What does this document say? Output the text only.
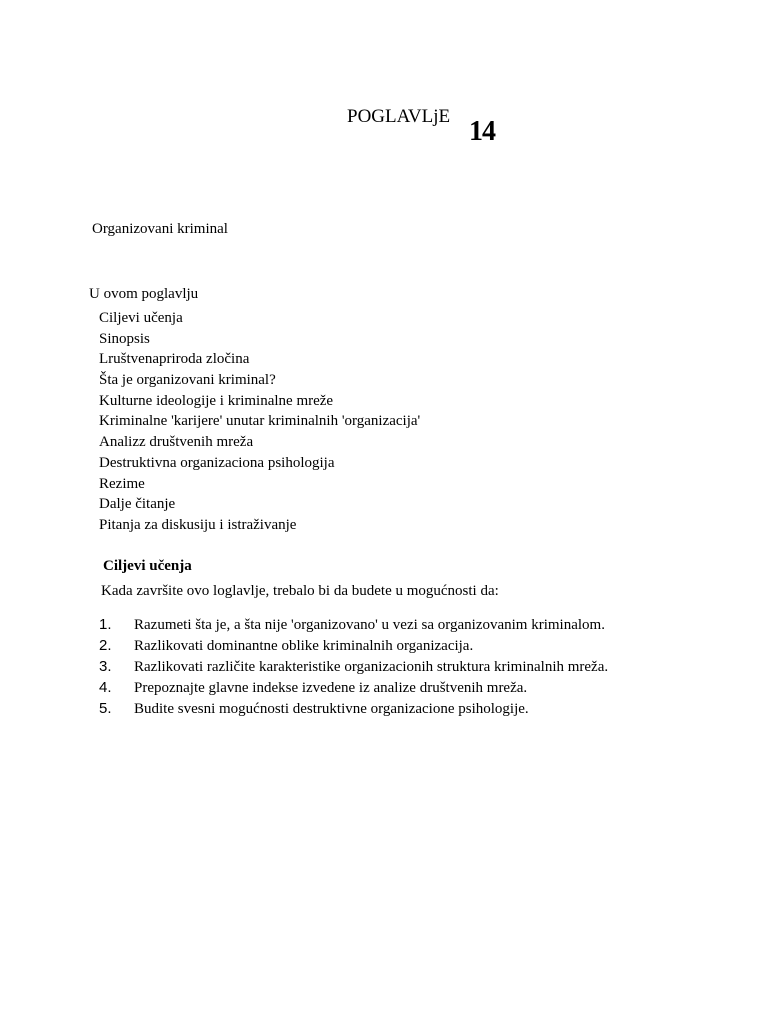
POGLAVLjE 14
Organizovani kriminal
U ovom poglavlju
Ciljevi učenja
Sinopsis
Lruštvenapriroda zločina
Šta je organizovani kriminal?
Kulturne ideologije i kriminalne mreže
Kriminalne 'karijere' unutar kriminalnih 'organizacija'
Analizz društvenih mreža
Destruktivna organizaciona psihologija
Rezime
Dalje čitanje
Pitanja za diskusiju i istraživanje
Ciljevi učenja
Kada završite ovo loglavlje, trebalo bi da budete u mogućnosti da:
1. Razumeti šta je, a šta nije 'organizovano' u vezi sa organizovanim kriminalom.
2. Razlikovati dominantne oblike kriminalnih organizacija.
3. Razlikovati različite karakteristike organizacionih struktura kriminalnih mreža.
4. Prepoznajte glavne indekse izvedene iz analize društvenih mreža.
5. Budite svesni mogućnosti destruktivne organizacione psihologije.
